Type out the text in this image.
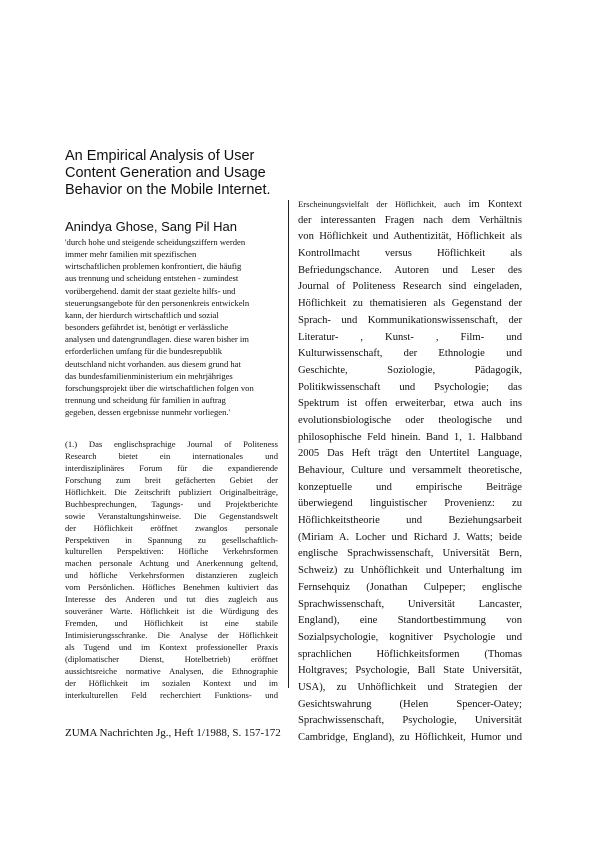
An Empirical Analysis of User
Content Generation and Usage
Behavior on the Mobile Internet.
Anindya Ghose, Sang Pil Han
'durch hohe und steigende scheidungsziffern werden
immer mehr familien mit spezifischen
wirtschaftlichen problemen konfrontiert, die häufig
aus trennung und scheidung entstehen - zumindest
vorübergehend. damit der staat gezielte hilfs- und
steuerungsangebote für den personenkreis entwickeln
kann, der hierdurch wirtschaftlich und sozial
besonders gefährdet ist, benötigt er verlässliche
analysen und datengrundlagen. diese waren bisher im
erforderlichen umfang für die bundesrepublik
deutschland nicht vorhanden. aus diesem grund hat
das bundesfamilienministerium ein mehrjähriges
forschungsprojekt über die wirtschaftlichen folgen von
trennung und scheidung für familien in auftrag
gegeben, dessen ergebnisse nunmehr vorliegen.'
(1.) Das englischsprachige Journal of Politeness
Research bietet ein internationales und
interdisziplinäres Forum für die expandierende
Forschung zum breit gefächerten Gebiet der
Höflichkeit. Die Zeitschrift publiziert Originalbeiträge,
Buchbesprechungen, Tagungs- und Projektberichte
sowie Veranstaltungshinweise. Die Gegenstandswelt
der Höflichkeit eröffnet zwanglos personale
Perspektiven in Spannung zu gesellschaftlich-
kulturellen Perspektiven: Höfliche Verkehrsformen
machen personale Achtung und Anerkennung geltend,
und höfliche Verkehrsformen distanzieren zugleich
vom Persönlichen. Höfliches Benehmen kultiviert das
Interesse des Anderen und tut dies zugleich aus
souveräner Warte. Höflichkeit ist die Würdigung des
Fremden, und Höflichkeit ist eine stabile
Intimisierungsschranke. Die Analyse der Höflichkeit
als Tugend und im Kontext professioneller Praxis
(diplomatischer Dienst, Hotelbetrieb) eröffnet
aussichtsreiche normative Analysen, die Ethnographie
der Höflichkeit im sozialen Kontext und im
interkulturellen Feld recherchiert Funktions- und
ZUMA Nachrichten Jg., Heft 1/1988, S. 157-172
Erscheinungsvielfalt der Höflichkeit, auch im Kontext
der interessanten Fragen nach dem Verhältnis
von Höflichkeit und Authentizität, Höflichkeit als
Kontrollmacht versus Höflichkeit als
Befriedungschance. Autoren und Leser des
Journal of Politeness Research sind eingeladen,
Höflichkeit zu thematisieren als Gegenstand der
Sprach- und Kommunikationswissenschaft, der
Literatur- , Kunst- , Film- und
Kulturwissenschaft, der Ethnologie und
Geschichte, Soziologie, Pädagogik,
Politikwissenschaft und Psychologie; das
Spektrum ist offen erweiterbar, etwa auch ins
evolutionsbiologische oder theologische und
philosophische Feld hinein. Band 1, 1. Halbband
2005 Das Heft trägt den Untertitel Language,
Behaviour, Culture und versammelt theoretische,
konzeptuelle und empirische Beiträge
überwiegend linguistischer Provenienz: zu
Höflichkeitstheorie und Beziehungsarbeit
(Miriam A. Locher und Richard J. Watts; beide
englische Sprachwissenschaft, Universität Bern,
Schweiz) zu Unhöflichkeit und Unterhaltung im
Fernsehquiz (Jonathan Culpeper; englische
Sprachwissenschaft, Universität Lancaster,
England), eine Standortbestimmung von
Sozialpsychologie, kognitiver Psychologie und
sprachlichen Höflichkeitsformen (Thomas
Holtgraves; Psychologie, Ball State Universität,
USA), zu Unhöflichkeit und Strategien der
Gesichtswahrung (Helen Spencer-Oatey;
Sprachwissenschaft, Psychologie, Universität
Cambridge, England), zu Höflichkeit, Humor und
